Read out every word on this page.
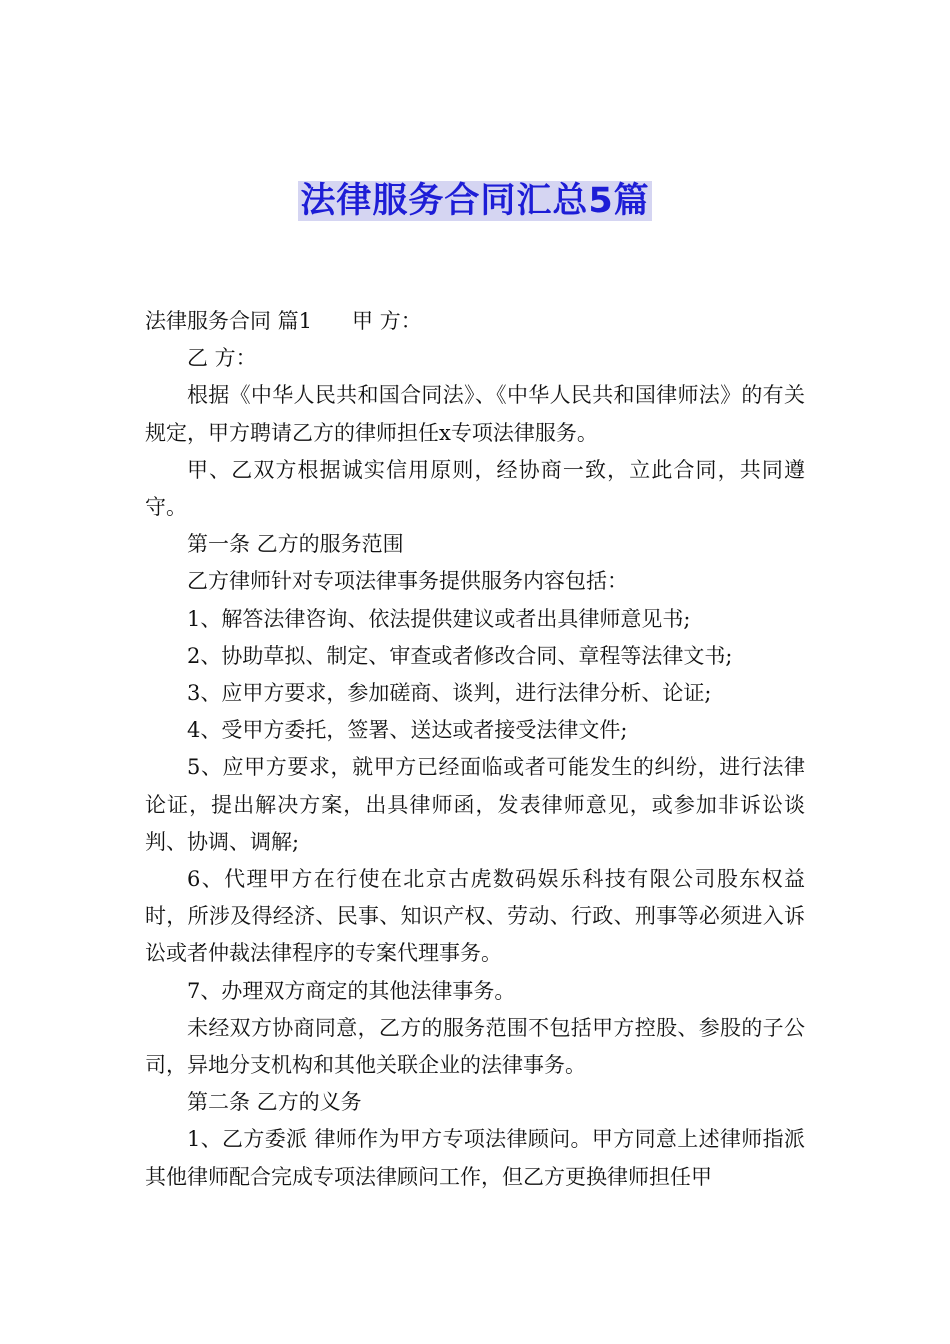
法律服务合同汇总5篇

法律服务合同 篇1 甲 方：

乙 方：

根据《中华人民共和国合同法》、《中华人民共和国律师法》的有关规定，甲方聘请乙方的律师担任x专项法律服务。

甲、乙双方根据诚实信用原则，经协商一致，立此合同，共同遵守。

第一条 乙方的服务范围

乙方律师针对专项法律事务提供服务内容包括：

1、解答法律咨询、依法提供建议或者出具律师意见书;

2、协助草拟、制定、审查或者修改合同、章程等法律文书;

3、应甲方要求，参加磋商、谈判，进行法律分析、论证;

4、受甲方委托，签署、送达或者接受法律文件;

5、应甲方要求，就甲方已经面临或者可能发生的纠纷，进行法律论证，提出解决方案，出具律师函，发表律师意见，或参加非诉讼谈判、协调、调解;

6、代理甲方在行使在北京古虎数码娱乐科技有限公司股东权益时，所涉及得经济、民事、知识产权、劳动、行政、刑事等必须进入诉讼或者仲裁法律程序的专案代理事务。

7、办理双方商定的其他法律事务。

未经双方协商同意，乙方的服务范围不包括甲方控股、参股的子公司，异地分支机构和其他关联企业的法律事务。

第二条 乙方的义务

1、乙方委派 律师作为甲方专项法律顾问。甲方同意上述律师指派其他律师配合完成专项法律顾问工作，但乙方更换律师担任甲
